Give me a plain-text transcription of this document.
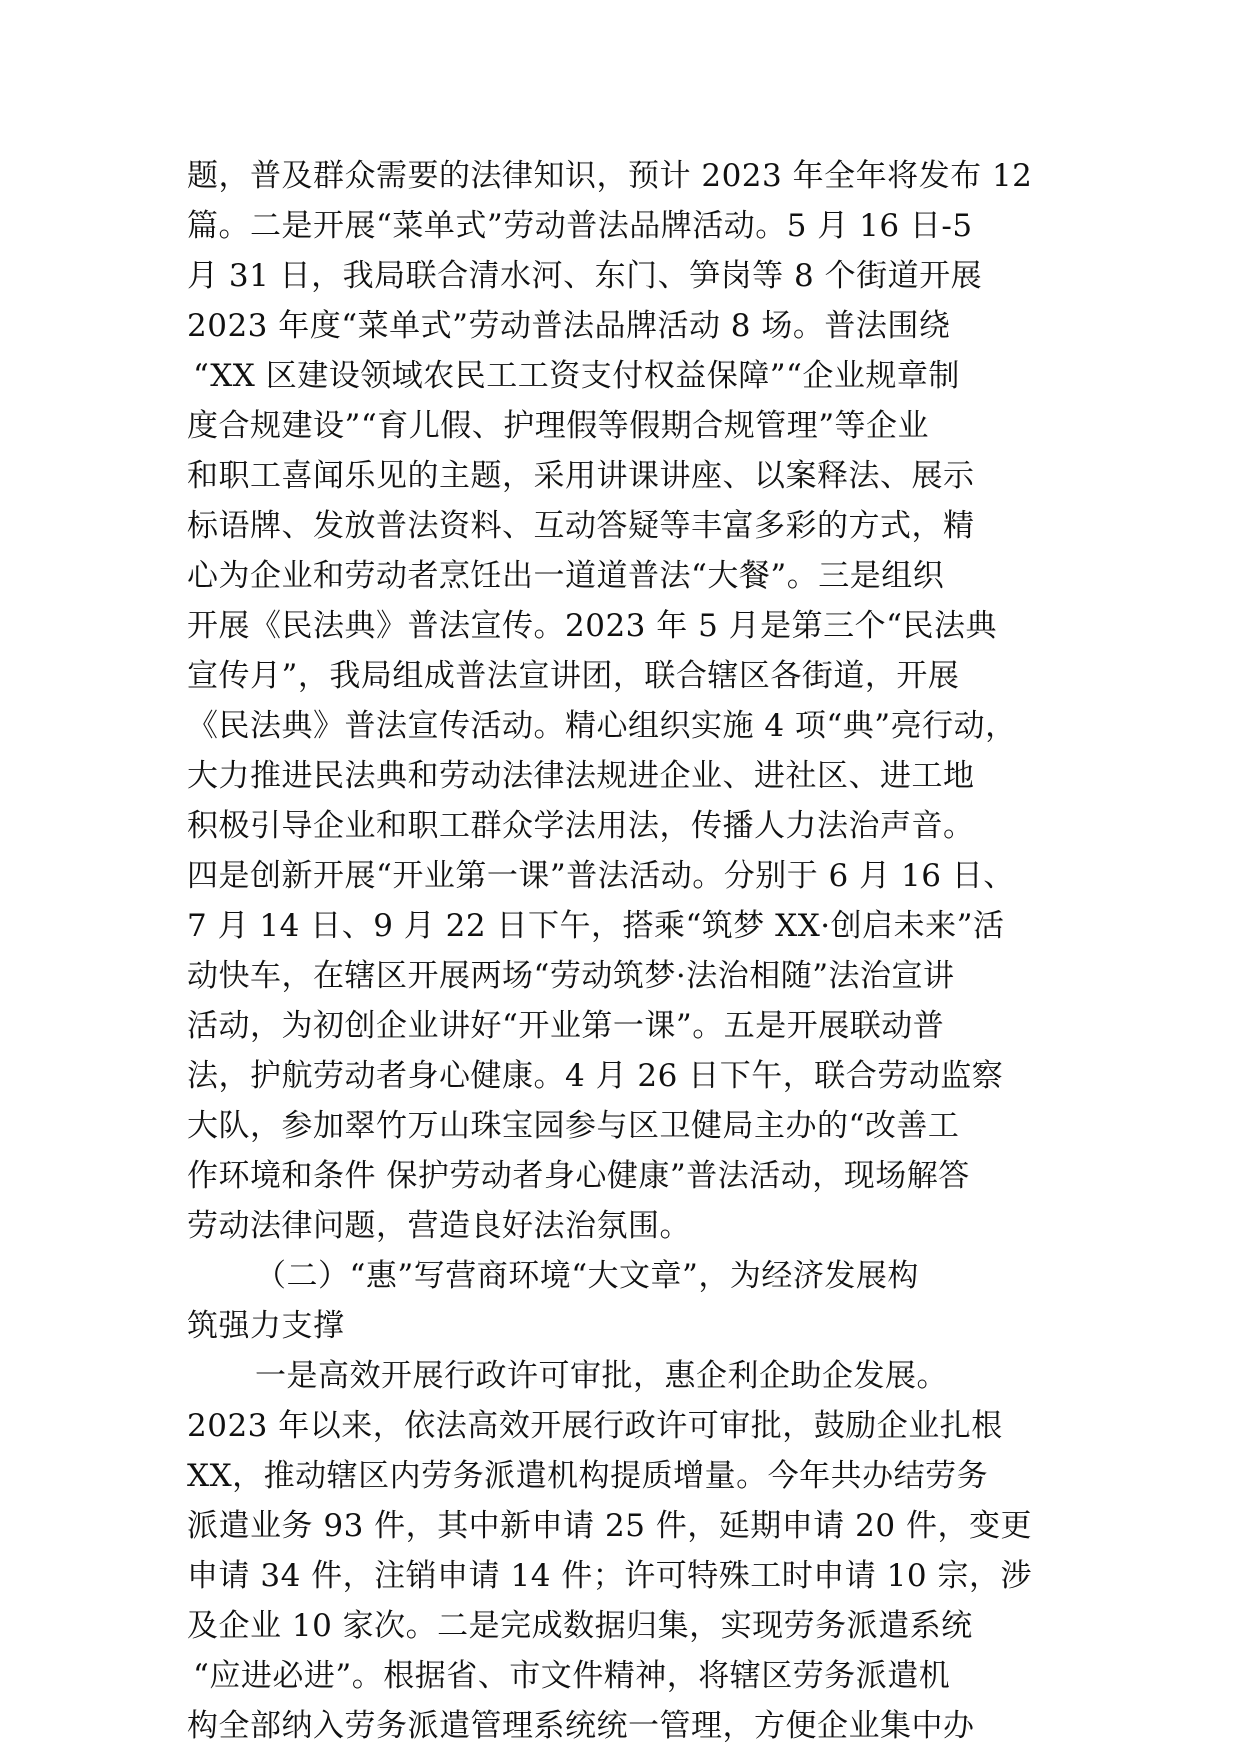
题，普及群众需要的法律知识，预计 2023 年全年将发布 12
篇。二是开展“菜单式”劳动普法品牌活动。5 月 16 日-5
月 31 日，我局联合清水河、东门、笋岗等 8 个街道开展
2023 年度“菜单式”劳动普法品牌活动 8 场。普法围绕
“XX 区建设领域农民工工资支付权益保障”“企业规章制
度合规建设”“育儿假、护理假等假期合规管理”等企业
和职工喜闻乐见的主题，采用讲课讲座、以案释法、展示
标语牌、发放普法资料、互动答疑等丰富多彩的方式，精
心为企业和劳动者烹饪出一道道普法“大餐”。三是组织
开展《民法典》普法宣传。2023 年 5 月是第三个“民法典
宣传月”，我局组成普法宣讲团，联合辖区各街道，开展
《民法典》普法宣传活动。精心组织实施 4 项“典”亮行动，
大力推进民法典和劳动法律法规进企业、进社区、进工地
积极引导企业和职工群众学法用法，传播人力法治声音。
四是创新开展“开业第一课”普法活动。分别于 6 月 16 日、
7 月 14 日、9 月 22 日下午，搭乘“筑梦 XX·创启未来”活
动快车，在辖区开展两场“劳动筑梦·法治相随”法治宣讲
活动，为初创企业讲好“开业第一课”。五是开展联动普
法，护航劳动者身心健康。4 月 26 日下午，联合劳动监察
大队，参加翠竹万山珠宝园参与区卫健局主办的“改善工
作环境和条件 保护劳动者身心健康”普法活动，现场解答
劳动法律问题，营造良好法治氛围。
（二）“惠”写营商环境“大文章”，为经济发展构
筑强力支撑
一是高效开展行政许可审批，惠企利企助企发展。
2023 年以来，依法高效开展行政许可审批，鼓励企业扎根
XX，推动辖区内劳务派遣机构提质增量。今年共办结劳务
派遣业务 93 件，其中新申请 25 件，延期申请 20 件，变更
申请 34 件，注销申请 14 件；许可特殊工时申请 10 宗，涉
及企业 10 家次。二是完成数据归集，实现劳务派遣系统
“应进必进”。根据省、市文件精神，将辖区劳务派遣机
构全部纳入劳务派遣管理系统统一管理，方便企业集中办
